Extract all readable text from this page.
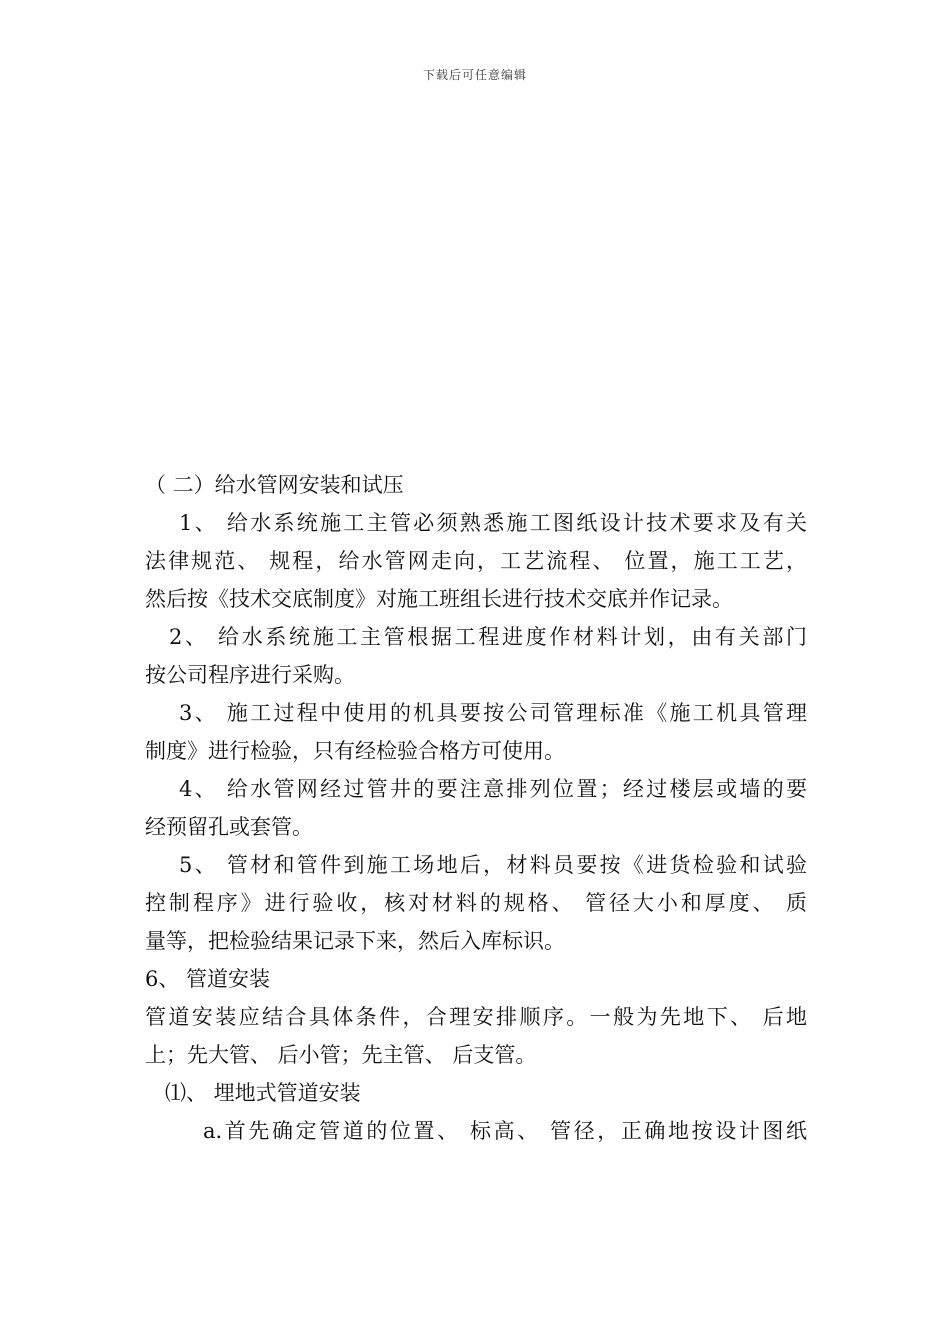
下载后可任意编辑
（ 二）给水管网安装和试压
1、 给水系统施工主管必须熟悉施工图纸设计技术要求及有关
法律规范、 规程，给水管网走向，工艺流程、 位置，施工工艺，
然后按《技术交底制度》对施工班组长进行技术交底并作记录。
2、 给水系统施工主管根据工程进度作材料计划，由有关部门
按公司程序进行采购。
3、 施工过程中使用的机具要按公司管理标准《施工机具管理
制度》进行检验，只有经检验合格方可使用。
4、 给水管网经过管井的要注意排列位置；经过楼层或墙的要
经预留孔或套管。
5、 管材和管件到施工场地后，材料员要按《进货检验和试验
控制程序》进行验收，核对材料的规格、 管径大小和厚度、 质
量等，把检验结果记录下来，然后入库标识。
6、 管道安装
管道安装应结合具体条件，合理安排顺序。一般为先地下、 后地
上；先大管、 后小管；先主管、 后支管。
⑴、 埋地式管道安装
a.首先确定管道的位置、 标高、 管径，正确地按设计图纸
